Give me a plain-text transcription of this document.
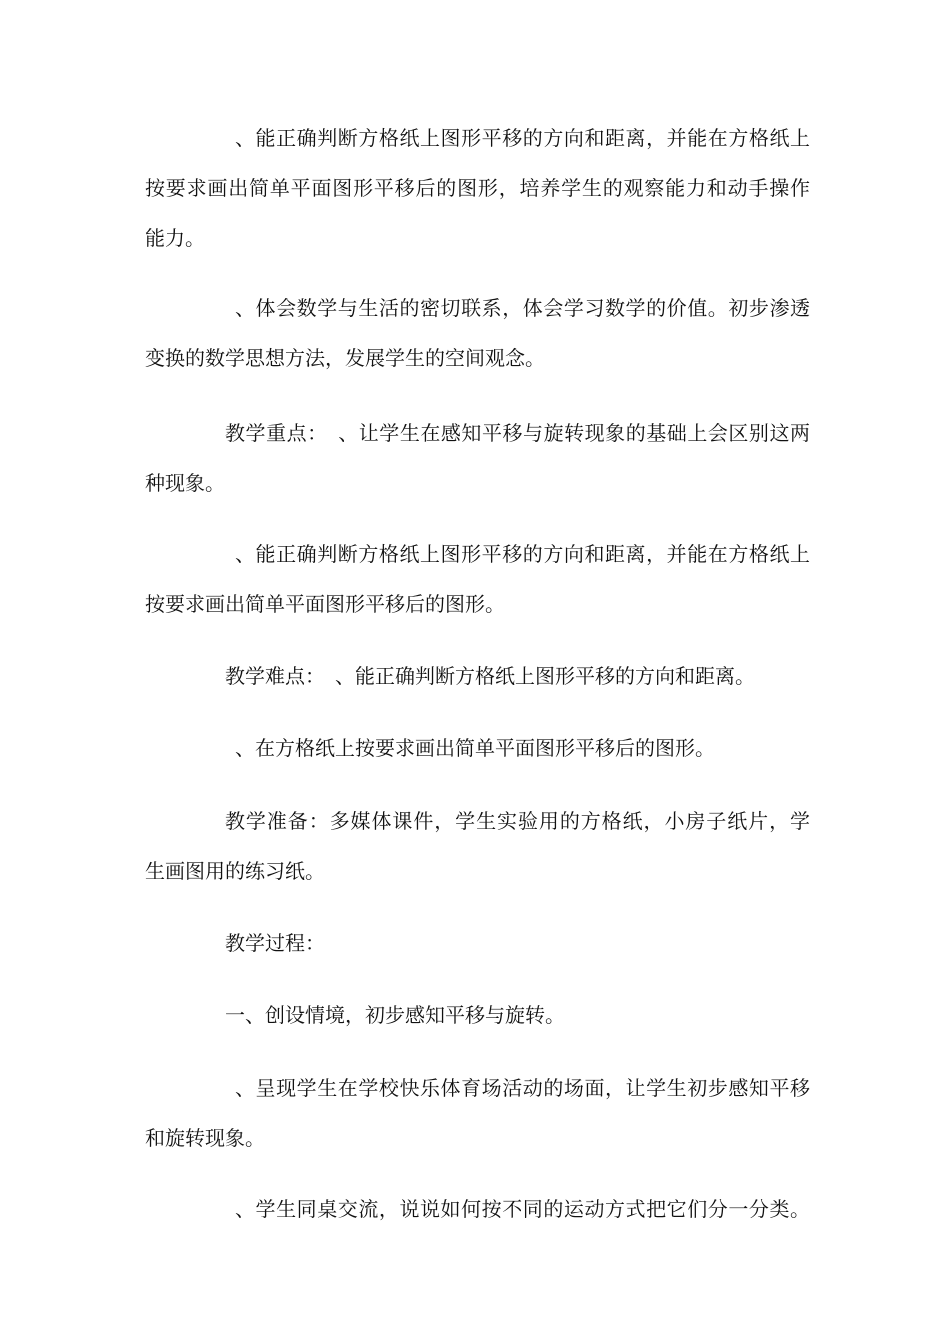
、能正确判断方格纸上图形平移的方向和距离，并能在方格纸上
按要求画出简单平面图形平移后的图形，培养学生的观察能力和动手操作
能力。
、体会数学与生活的密切联系，体会学习数学的价值。初步渗透
变换的数学思想方法，发展学生的空间观念。
教学重点：　、让学生在感知平移与旋转现象的基础上会区别这两
种现象。
、能正确判断方格纸上图形平移的方向和距离，并能在方格纸上
按要求画出简单平面图形平移后的图形。
教学难点：　、能正确判断方格纸上图形平移的方向和距离。
、在方格纸上按要求画出简单平面图形平移后的图形。
教学准备：多媒体课件，学生实验用的方格纸，小房子纸片，学
生画图用的练习纸。
教学过程：
一、创设情境，初步感知平移与旋转。
、呈现学生在学校快乐体育场活动的场面，让学生初步感知平移
和旋转现象。
、学生同桌交流，说说如何按不同的运动方式把它们分一分类。
